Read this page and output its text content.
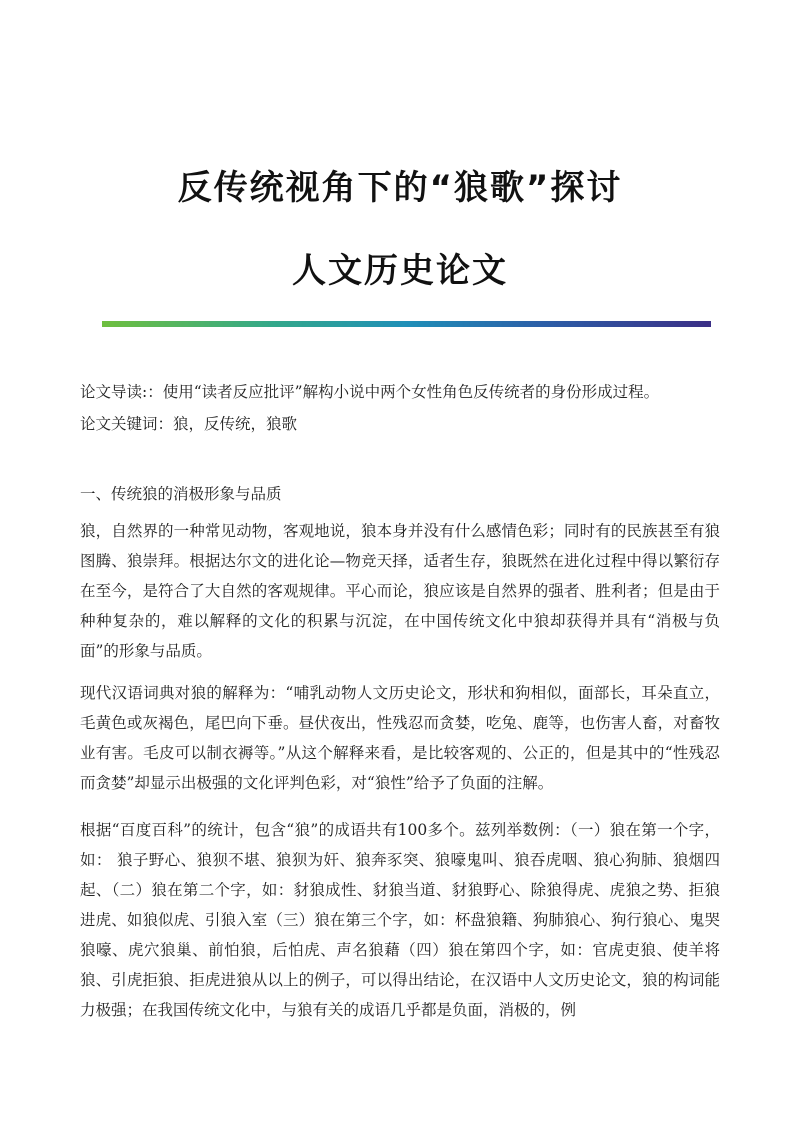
反传统视角下的“狼歌”探讨
人文历史论文
论文导读:：使用“读者反应批评”解构小说中两个女性角色反传统者的身份形成过程。
论文关键词：狼，反传统，狼歌
一、传统狼的消极形象与品质
狼，自然界的一种常见动物，客观地说，狼本身并没有什么感情色彩；同时有的民族甚至有狼图腾、狼崇拜。根据达尔文的进化论—物竞天择，适者生存，狼既然在进化过程中得以繁衍存在至今，是符合了大自然的客观规律。平心而论，狼应该是自然界的强者、胜利者；但是由于种种复杂的，难以解释的文化的积累与沉淀，在中国传统文化中狼却获得并具有“消极与负面”的形象与品质。
现代汉语词典对狼的解释为：“哺乳动物人文历史论文，形状和狗相似，面部长，耳朵直立，毛黄色或灰褐色，尾巴向下垂。昼伏夜出，性残忍而贪婪，吃兔、鹿等，也伤害人畜，对畜牧业有害。毛皮可以制衣褥等。”从这个解释来看，是比较客观的、公正的，但是其中的“性残忍而贪婪”却显示出极强的文化评判色彩，对“狼性”给予了负面的注解。
根据“百度百科”的统计，包含“狼”的成语共有100多个。兹列举数例：（一）狼在第一个字，如： 狼子野心、狼狈不堪、狼狈为奸、狼奔豕突、狼嚎鬼叫、狼吞虎咽、狼心狗肺、狼烟四起、（二）狼在第二个字，如：豺狼成性、豺狼当道、豺狼野心、除狼得虎、虎狼之势、拒狼进虎、如狼似虎、引狼入室（三）狼在第三个字，如：杯盘狼籍、狗肺狼心、狗行狼心、鬼哭狼嚎、虎穴狼巢、前怕狼，后怕虎、声名狼藉（四）狼在第四个字，如：官虎吏狼、使羊将狼、引虎拒狼、拒虎进狼从以上的例子，可以得出结论，在汉语中人文历史论文，狼的构词能力极强；在我国传统文化中，与狼有关的成语几乎都是负面，消极的，例
